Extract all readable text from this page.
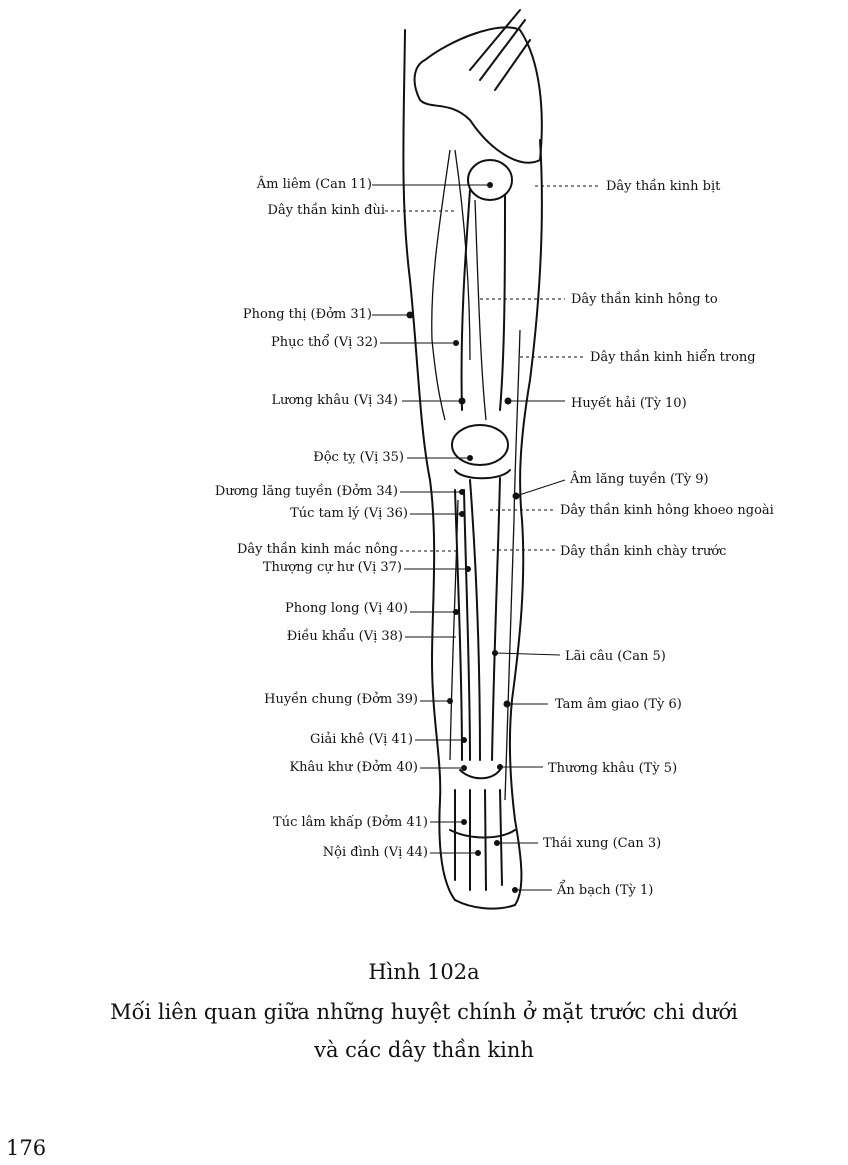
Âm liêm (Can 11)
Dây thần kinh đùi
Phong thị (Đởm 31)
Phục thổ (Vị 32)
Lương khâu (Vị 34)
Độc tỵ (Vị 35)
Dương lăng tuyền (Đởm 34)
Túc tam lý (Vị 36)
Dây thần kinh mác nông
Thượng cự hư (Vị 37)
Phong long (Vị 40)
Điều khẩu (Vị 38)
Huyền chung (Đởm 39)
Giải khê (Vị 41)
Khâu khư (Đởm 40)
Túc lâm khấp (Đởm 41)
Nội đình (Vị 44)
Dây thần kinh bịt
Dây thần kinh hông to
Dây thần kinh hiển trong
Huyết hải (Tỳ 10)
Âm lăng tuyền (Tỳ 9)
Dây thần kinh hông khoeo ngoài
Dây thần kinh chày trước
Lãi câu (Can 5)
Tam âm giao (Tỳ 6)
Thương khâu (Tỳ 5)
Thái xung (Can 3)
Ẩn bạch (Tỳ 1)
Hình 102a
Mối liên quan giữa những huyệt chính ở mặt trước chi dưới
và các dây thần kinh
176
